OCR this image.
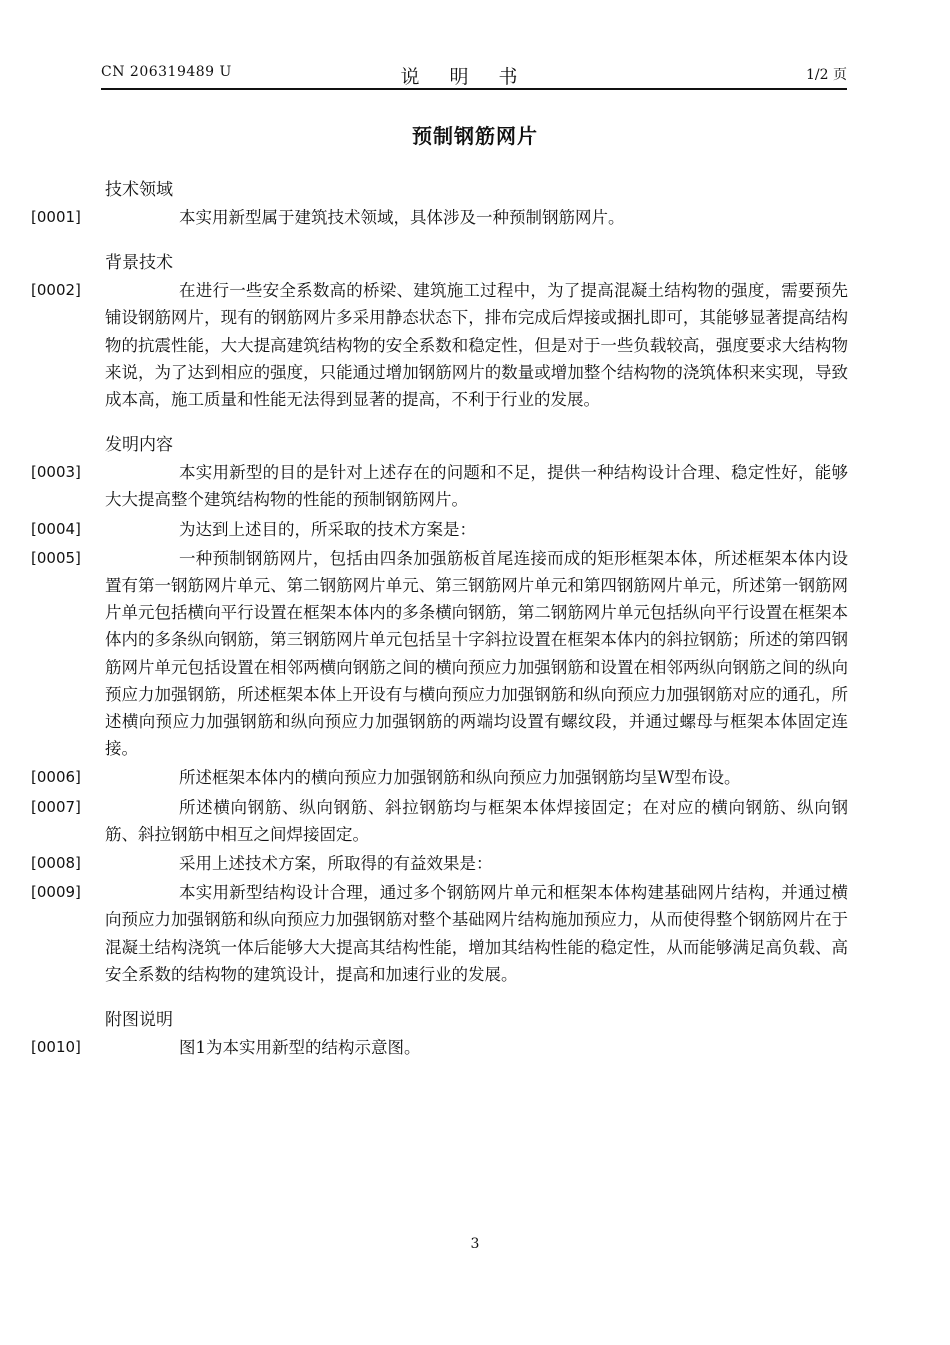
CN 206319489 U	说明书	1/2 页
预制钢筋网片
技术领域

[0001]	本实用新型属于建筑技术领域，具体涉及一种预制钢筋网片。

背景技术

[0002]	在进行一些安全系数高的桥梁、建筑施工过程中，为了提高混凝土结构物的强度，需要预先铺设钢筋网片，现有的钢筋网片多采用静态状态下，排布完成后焊接或捆扎即可，其能够显著提高结构物的抗震性能，大大提高建筑结构物的安全系数和稳定性，但是对于一些负载较高，强度要求大结构物来说，为了达到相应的强度，只能通过增加钢筋网片的数量或增加整个结构物的浇筑体积来实现，导致成本高，施工质量和性能无法得到显著的提高，不利于行业的发展。

发明内容

[0003]	本实用新型的目的是针对上述存在的问题和不足，提供一种结构设计合理、稳定性好，能够大大提高整个建筑结构物的性能的预制钢筋网片。

[0004]	为达到上述目的，所采取的技术方案是：

[0005]	一种预制钢筋网片，包括由四条加强筋板首尾连接而成的矩形框架本体，所述框架本体内设置有第一钢筋网片单元、第二钢筋网片单元、第三钢筋网片单元和第四钢筋网片单元，所述第一钢筋网片单元包括横向平行设置在框架本体内的多条横向钢筋，第二钢筋网片单元包括纵向平行设置在框架本体内的多条纵向钢筋，第三钢筋网片单元包括呈十字斜拉设置在框架本体内的斜拉钢筋；所述的第四钢筋网片单元包括设置在相邻两横向钢筋之间的横向预应力加强钢筋和设置在相邻两纵向钢筋之间的纵向预应力加强钢筋，所述框架本体上开设有与横向预应力加强钢筋和纵向预应力加强钢筋对应的通孔，所述横向预应力加强钢筋和纵向预应力加强钢筋的两端均设置有螺纹段，并通过螺母与框架本体固定连接。

[0006]	所述框架本体内的横向预应力加强钢筋和纵向预应力加强钢筋均呈W型布设。

[0007]	所述横向钢筋、纵向钢筋、斜拉钢筋均与框架本体焊接固定；在对应的横向钢筋、纵向钢筋、斜拉钢筋中相互之间焊接固定。

[0008]	采用上述技术方案，所取得的有益效果是：

[0009]	本实用新型结构设计合理，通过多个钢筋网片单元和框架本体构建基础网片结构，并通过横向预应力加强钢筋和纵向预应力加强钢筋对整个基础网片结构施加预应力，从而使得整个钢筋网片在于混凝土结构浇筑一体后能够大大提高其结构性能，增加其结构性能的稳定性，从而能够满足高负载、高安全系数的结构物的建筑设计，提高和加速行业的发展。

附图说明

[0010]	图1为本实用新型的结构示意图。

3
